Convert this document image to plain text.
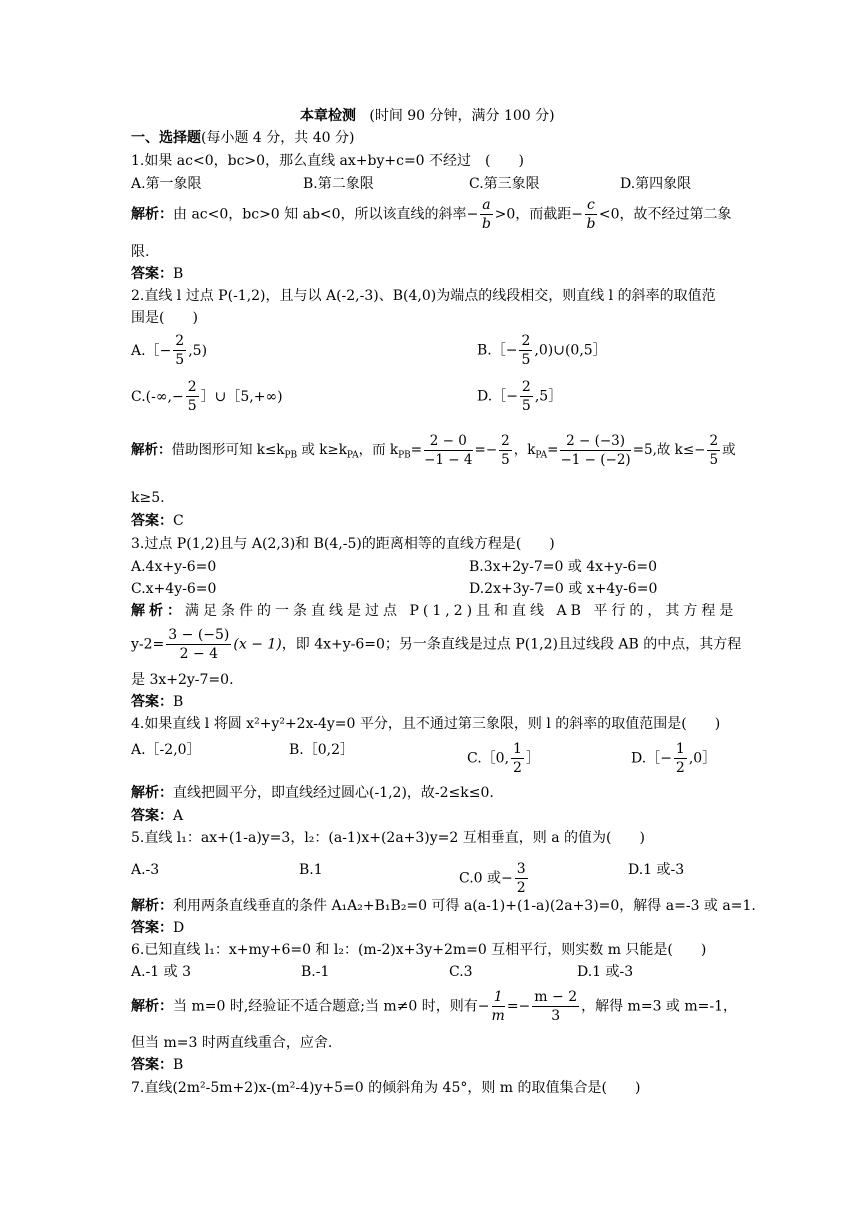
本章检测 (时间 90 分钟，满分 100 分)
一、选择题(每小题 4 分，共 40 分)
1.如果 ac<0，bc>0，那么直线 ax+by+c=0 不经过　(　　)
A.第一象限	B.第二象限	C.第三象限	D.第四象限
解析：由 ac<0，bc>0 知 ab<0，所以该直线的斜率− $\frac{a}{b} >0$，而截距− $\frac{c}{b} <0$，故不经过第二象
限.
答案：B
2.直线 l 过点 P(-1,2)，且与以 A(-2,-3)、B(4,0)为端点的线段相交，则直线 l 的斜率的取值范
围是(　　)
A.［− $\frac{2}{5} ,5$)	B.［− $\frac{2}{5}$ ,0)∪(0,5］
$C.(-\infty,- \frac{2}{5}$ ］∪［5,+∞)	D.［− $\frac{2}{5}$ ,5］
解析：借助图形可知 $k\le k_{PB}$ 或 $k\ge k_{PA}$，而 $k_{PB}= \frac{2 - 0}{-1 - 4} =- \frac{2}{5}$ ，$k_{PA}= \frac{2 - (-3)}{-1 - (-2)} =5$,故 $k\le- \frac{2}{5}$ 或
k≥5.
答案：C
3.过点 P(1,2)且与 A(2,3)和 B(4,-5)的距离相等的直线方程是(　　)
A.4x+y-6=0	B.3x+2y-7=0 或 4x+y-6=0
C.x+4y-6=0	D.2x+3y-7=0 或 x+4y-6=0
解析：满足条件的一条直线是过点 P(1,2)且和直线 AB 平行的，其方程是
$y-2= \frac{3 - (-5)}{2 - 4} (x - 1)$，即 4x+y-6=0；另一条直线是过点 P(1,2)且过线段 AB 的中点，其方程
是 3x+2y-7=0.
答案：B
4.如果直线 l 将圆 x²+y²+2x-4y=0 平分，且不通过第三象限，则 l 的斜率的取值范围是(　　)
A.［-2,0］	B.［0,2］
C.［0, $\frac{1}{2}$ ］	D.［− $\frac{1}{2}$ ,0］
解析：直线把圆平分，即直线经过圆心(-1,2)，故-2≤k≤0.
答案：A
5.直线 l₁：ax+(1-a)y=3，l₂：(a-1)x+(2a+3)y=2 互相垂直，则 a 的值为(　　)
A.-3	B.1
C.0 或− $\frac{3}{2}$	D.1 或-3
解析：利用两条直线垂直的条件 A₁A₂+B₁B₂=0 可得 a(a-1)+(1-a)(2a+3)=0，解得 a=-3 或 a=1.
答案：D
6.已知直线 l₁：x+my+6=0 和 l₂：(m-2)x+3y+2m=0 互相平行，则实数 m 只能是(　　)
A.-1 或 3	B.-1	C.3	D.1 或-3
解析：当 m=0 时,经验证不适合题意;当 m≠0 时，则有− $\frac{1}{m} =- \frac{m - 2}{3}$ ，解得 m=3 或 m=-1，
但当 m=3 时两直线重合，应舍.
答案：B
7.直线(2m²-5m+2)x-(m²-4)y+5=0 的倾斜角为 45°，则 m 的取值集合是(　　)
